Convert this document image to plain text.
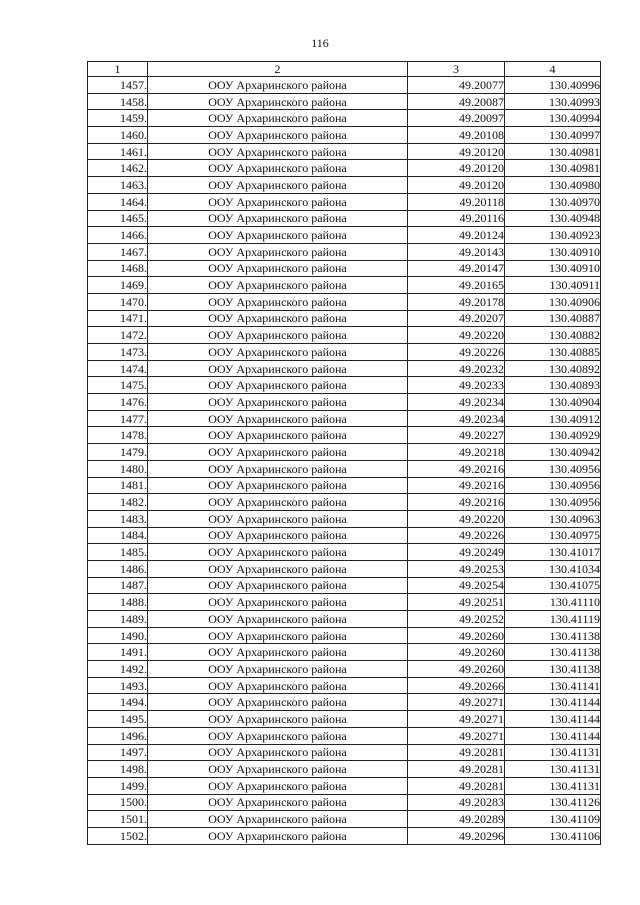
116
1	2	3	4
1457.	ООУ Архаринского района	49.20077	130.40996
1458.	ООУ Архаринского района	49.20087	130.40993
1459.	ООУ Архаринского района	49.20097	130.40994
1460.	ООУ Архаринского района	49.20108	130.40997
1461.	ООУ Архаринского района	49.20120	130.40981
1462.	ООУ Архаринского района	49.20120	130.40981
1463.	ООУ Архаринского района	49.20120	130.40980
1464.	ООУ Архаринского района	49.20118	130.40970
1465.	ООУ Архаринского района	49.20116	130.40948
1466.	ООУ Архаринского района	49.20124	130.40923
1467.	ООУ Архаринского района	49.20143	130.40910
1468.	ООУ Архаринского района	49.20147	130.40910
1469.	ООУ Архаринского района	49.20165	130.40911
1470.	ООУ Архаринского района	49.20178	130.40906
1471.	ООУ Архаринского района	49.20207	130.40887
1472.	ООУ Архаринского района	49.20220	130.40882
1473.	ООУ Архаринского района	49.20226	130.40885
1474.	ООУ Архаринского района	49.20232	130.40892
1475.	ООУ Архаринского района	49.20233	130.40893
1476.	ООУ Архаринского района	49.20234	130.40904
1477.	ООУ Архаринского района	49.20234	130.40912
1478.	ООУ Архаринского района	49.20227	130.40929
1479.	ООУ Архаринского района	49.20218	130.40942
1480.	ООУ Архаринского района	49.20216	130.40956
1481.	ООУ Архаринского района	49.20216	130.40956
1482.	ООУ Архаринского района	49.20216	130.40956
1483.	ООУ Архаринского района	49.20220	130.40963
1484.	ООУ Архаринского района	49.20226	130.40975
1485.	ООУ Архаринского района	49.20249	130.41017
1486.	ООУ Архаринского района	49.20253	130.41034
1487.	ООУ Архаринского района	49.20254	130.41075
1488.	ООУ Архаринского района	49.20251	130.41110
1489.	ООУ Архаринского района	49.20252	130.41119
1490.	ООУ Архаринского района	49.20260	130.41138
1491.	ООУ Архаринского района	49.20260	130.41138
1492.	ООУ Архаринского района	49.20260	130.41138
1493.	ООУ Архаринского района	49.20266	130.41141
1494.	ООУ Архаринского района	49.20271	130.41144
1495.	ООУ Архаринского района	49.20271	130.41144
1496.	ООУ Архаринского района	49.20271	130.41144
1497.	ООУ Архаринского района	49.20281	130.41131
1498.	ООУ Архаринского района	49.20281	130.41131
1499.	ООУ Архаринского района	49.20281	130.41131
1500.	ООУ Архаринского района	49.20283	130.41126
1501.	ООУ Архаринского района	49.20289	130.41109
1502.	ООУ Архаринского района	49.20296	130.41106
